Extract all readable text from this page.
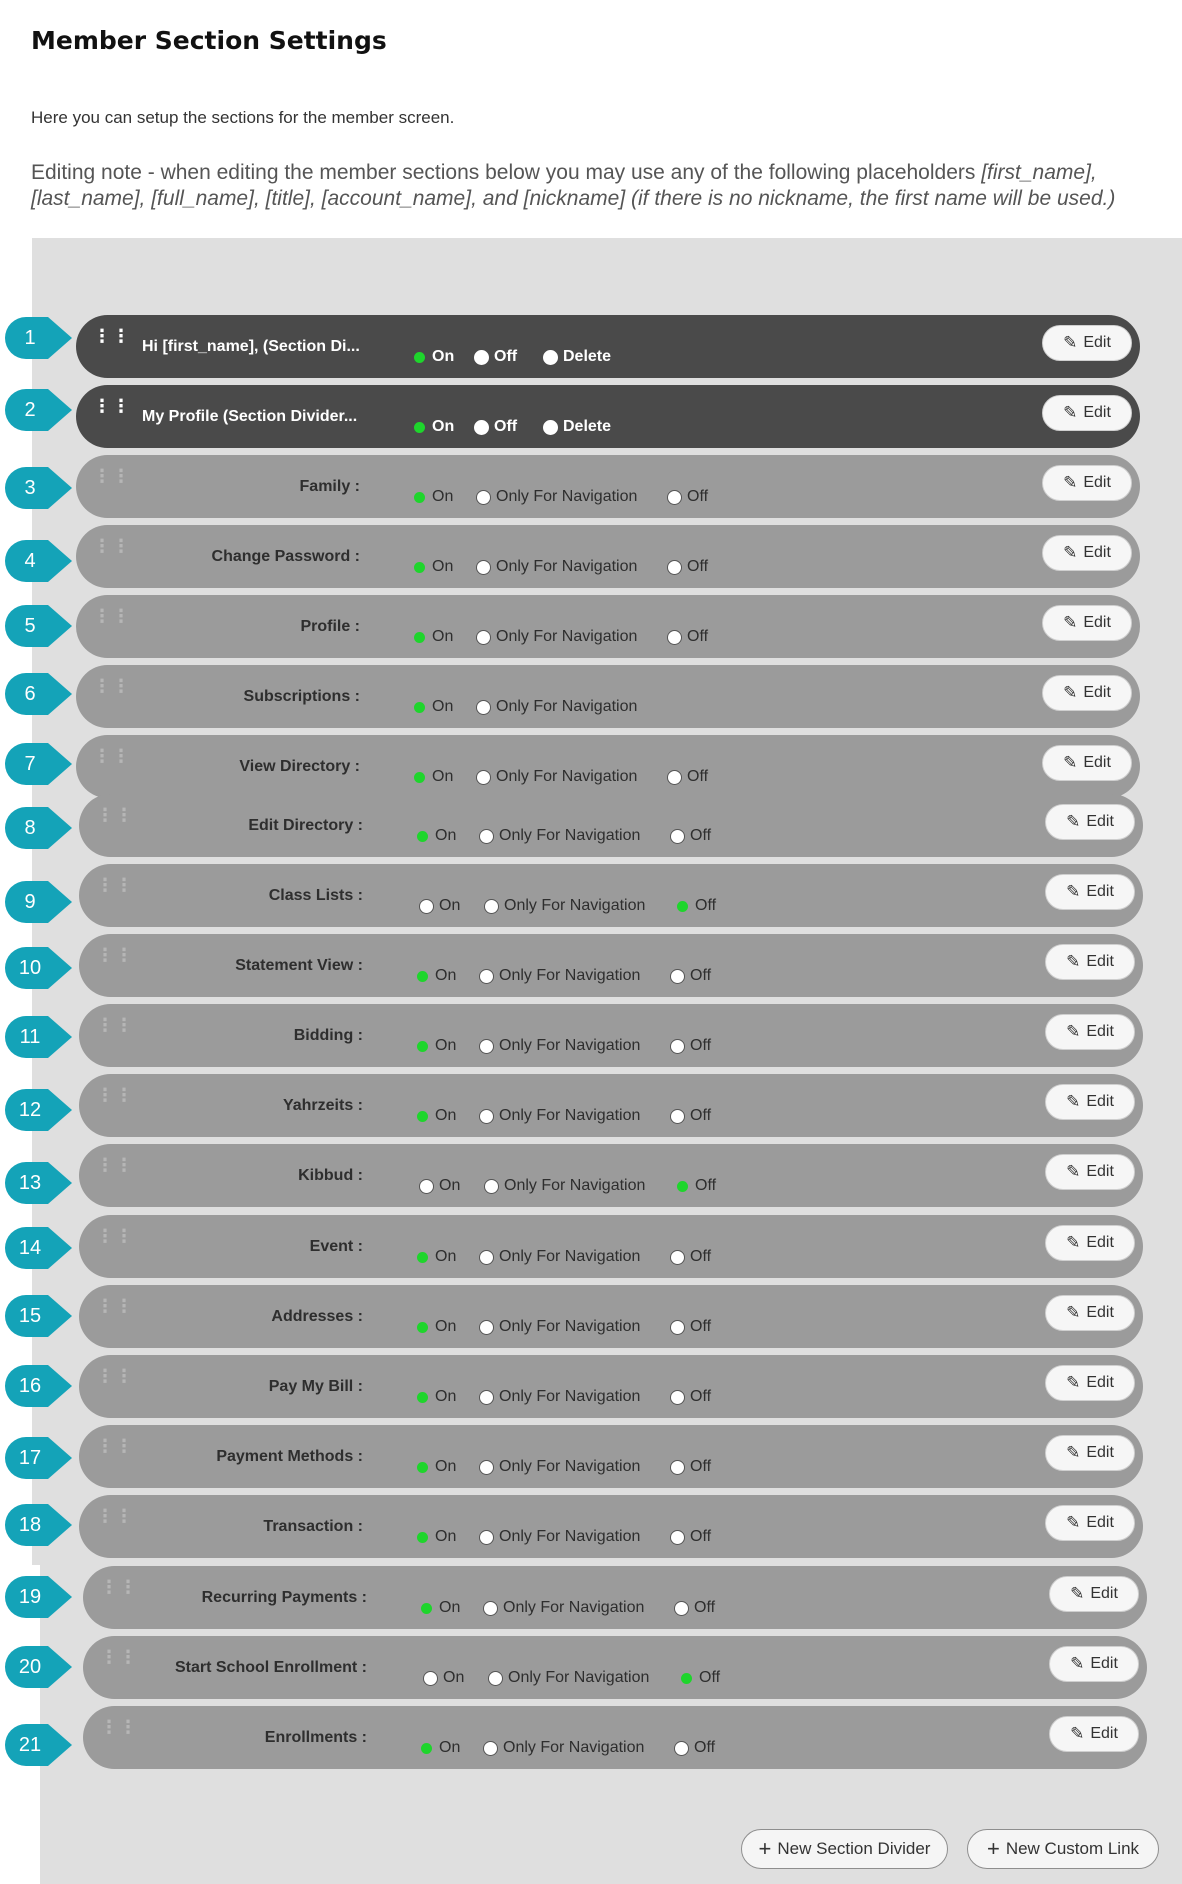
Member Section Settings
Here you can setup the sections for the member screen.
Editing note - when editing the member sections below you may use any of the following placeholders [first_name], [last_name], [full_name], [title], [account_name], and [nickname] (if there is no nickname, the first name will be used.)
⋮⋮
Hi [first_name], (Section Di...
On Off	Delete
✎ Edit
1
⋮⋮
My Profile (Section Divider...
On Off	Delete
✎ Edit
2
⋮⋮
Family :
On	Only For Navigation	Off
✎ Edit
3
⋮⋮
Change Password :
On	Only For Navigation	Off
✎ Edit
4
⋮⋮
Profile :
On	Only For Navigation	Off
✎ Edit
5
⋮⋮
Subscriptions :
On	Only For Navigation
✎ Edit
6
⋮⋮
View Directory :
On	Only For Navigation	Off
✎ Edit
7
⋮⋮
Edit Directory :
On	Only For Navigation	Off
✎ Edit
8
⋮⋮
Class Lists :
On	Only For Navigation	Off
✎ Edit
9
⋮⋮
Statement View :
On	Only For Navigation	Off
✎ Edit
10
⋮⋮
Bidding :
On	Only For Navigation	Off
✎ Edit
11
⋮⋮
Yahrzeits :
On	Only For Navigation	Off
✎ Edit
12
⋮⋮
Kibbud :
On	Only For Navigation	Off
✎ Edit
13
⋮⋮
Event :
On	Only For Navigation	Off
✎ Edit
14
⋮⋮
Addresses :
On	Only For Navigation	Off
✎ Edit
15
⋮⋮
Pay My Bill :
On	Only For Navigation	Off
✎ Edit
16
⋮⋮
Payment Methods :
On	Only For Navigation	Off
✎ Edit
17
⋮⋮
Transaction :
On	Only For Navigation	Off
✎ Edit
18
⋮⋮
Recurring Payments :
On	Only For Navigation	Off
✎ Edit
19
⋮⋮
Start School Enrollment :
On	Only For Navigation	Off
✎ Edit
20
⋮⋮
Enrollments :
On	Only For Navigation	Off
✎ Edit
21
+ New Section Divider	+ New Custom Link
